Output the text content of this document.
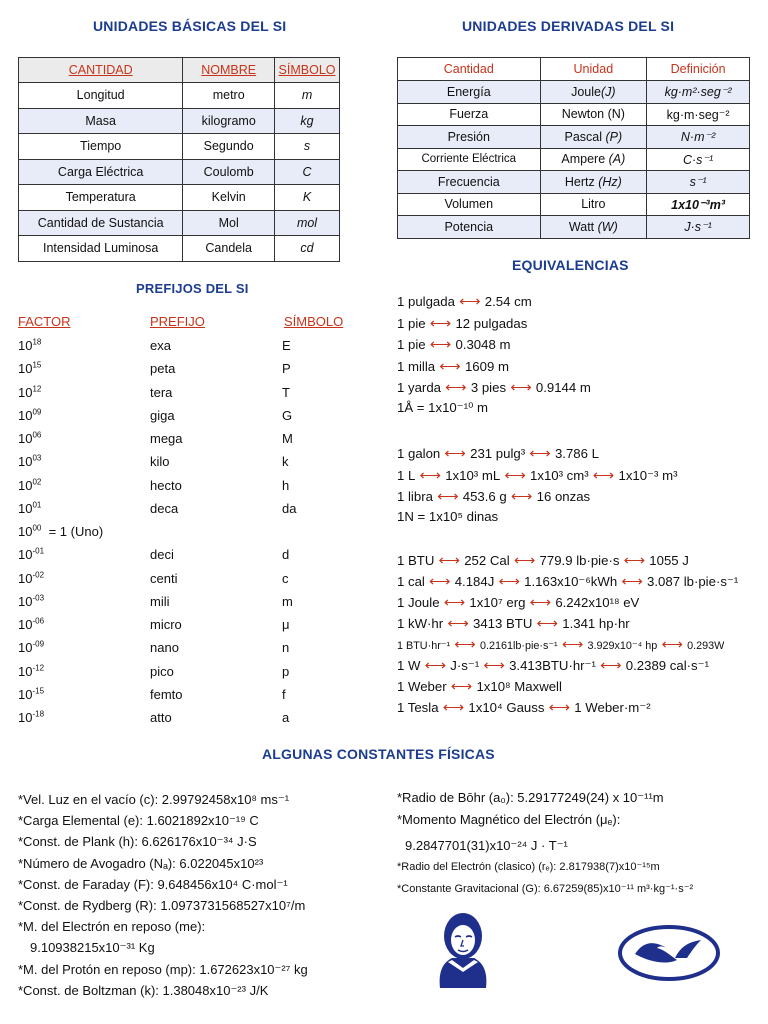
UNIDADES BÁSICAS DEL SI	UNIDADES DERIVADAS DEL SI
PREFIJOS DEL SI
EQUIVALENCIAS
ALGUNAS CONSTANTES FÍSICAS
CANTIDAD	NOMBRE	SÍMBOLO
Longitud	metro	m
Masa	kilogramo	kg
Tiempo	Segundo	s
Carga Eléctrica	Coulomb	C
Temperatura	Kelvin	K
Cantidad de Sustancia	Mol	mol
Intensidad Luminosa	Candela	cd
Cantidad	Unidad	Definición
Energía	Joule(J)	kg·m²·seg⁻²
Fuerza	Newton (N)	kg·m·seg⁻²
Presión	Pascal (P)	N·m⁻²
Corriente Eléctrica	Ampere (A)	C·s⁻¹
Frecuencia	Hertz (Hz)	s⁻¹
Volumen	Litro	1x10⁻³m³
Potencia	Watt (W)	J·s⁻¹
FACTOR	PREFIJO	SÍMBOLO
$10^{18}$	exa	E
$10^{15}$	peta	P
$10^{12}$	tera	T
$10^{09}$	giga	G
$10^{06}$	mega	M
$10^{03}$	kilo	k
$10^{02}$	hecto	h
$10^{01}$	deca	da
$10^{00} = 1$ (Uno)
$10^{-01}$	deci	d
$10^{-02}$	centi	c
$10^{-03}$	mili	m
$10^{-06}$	micro	μ
$10^{-09}$	nano	n
$10^{-12}$	pico	p
$10^{-15}$	femto	f
$10^{-18}$	atto	a
1 pulgada ⟷ 2.54 cm
1 pie ⟷ 12 pulgadas
1 pie ⟷ 0.3048 m
1 milla ⟷ 1609 m
1 yarda ⟷ 3 pies ⟷ 0.9144 m
1Å = 1x10⁻¹⁰ m
1 galon ⟷ 231 pulg³ ⟷ 3.786 L
1 L ⟷ 1x10³ mL ⟷ 1x10³ cm³ ⟷ 1x10⁻³ m³
1 libra ⟷ 453.6 g ⟷ 16 onzas
1N = 1x10⁵ dinas
1 BTU ⟷ 252 Cal ⟷ 779.9 lb·pie·s ⟷ 1055 J
1 cal ⟷ 4.184J ⟷ 1.163x10⁻⁶kWh ⟷ 3.087 lb·pie·s⁻¹
1 Joule ⟷ 1x10⁷ erg ⟷ 6.242x10¹⁸ eV
1 kW·hr ⟷ 3413 BTU ⟷ 1.341 hp·hr
1 BTU·hr⁻¹ ⟷ 0.2161lb·pie·s⁻¹ ⟷ 3.929x10⁻⁴ hp ⟷ 0.293W
1 W ⟷ J·s⁻¹ ⟷ 3.413BTU·hr⁻¹ ⟷ 0.2389 cal·s⁻¹
1 Weber ⟷ 1x10⁸ Maxwell
1 Tesla ⟷ 1x10⁴ Gauss ⟷ 1 Weber·m⁻²
*Vel. Luz en el vacío (c): 2.99792458x10⁸ ms⁻¹
*Carga Elemental (e): 1.6021892x10⁻¹⁹ C
*Const. de Plank (h): 6.626176x10⁻³⁴ J·S
*Número de Avogadro (Nₐ): 6.022045x10²³
*Const. de Faraday (F): 9.648456x10⁴ C·mol⁻¹
*Const. de Rydberg (R): 1.0973731568527x10⁷/m
*M. del Electrón en reposo (me):
9.10938215x10⁻³¹ Kg
*M. del Protón en reposo (mp): 1.672623x10⁻²⁷ kg
*Const. de Boltzman (k): 1.38048x10⁻²³ J/K
*Radio de Bōhr (a₀): 5.29177249(24) x 10⁻¹¹m
*Momento Magnético del Electrón (μₑ):
9.2847701(31)x10⁻²⁴ J · T⁻¹
*Radio del Electrón (clasico) (rₑ): 2.817938(7)x10⁻¹⁵m
*Constante Gravitacional (G): 6.67259(85)x10⁻¹¹ m³·kg⁻¹·s⁻²
